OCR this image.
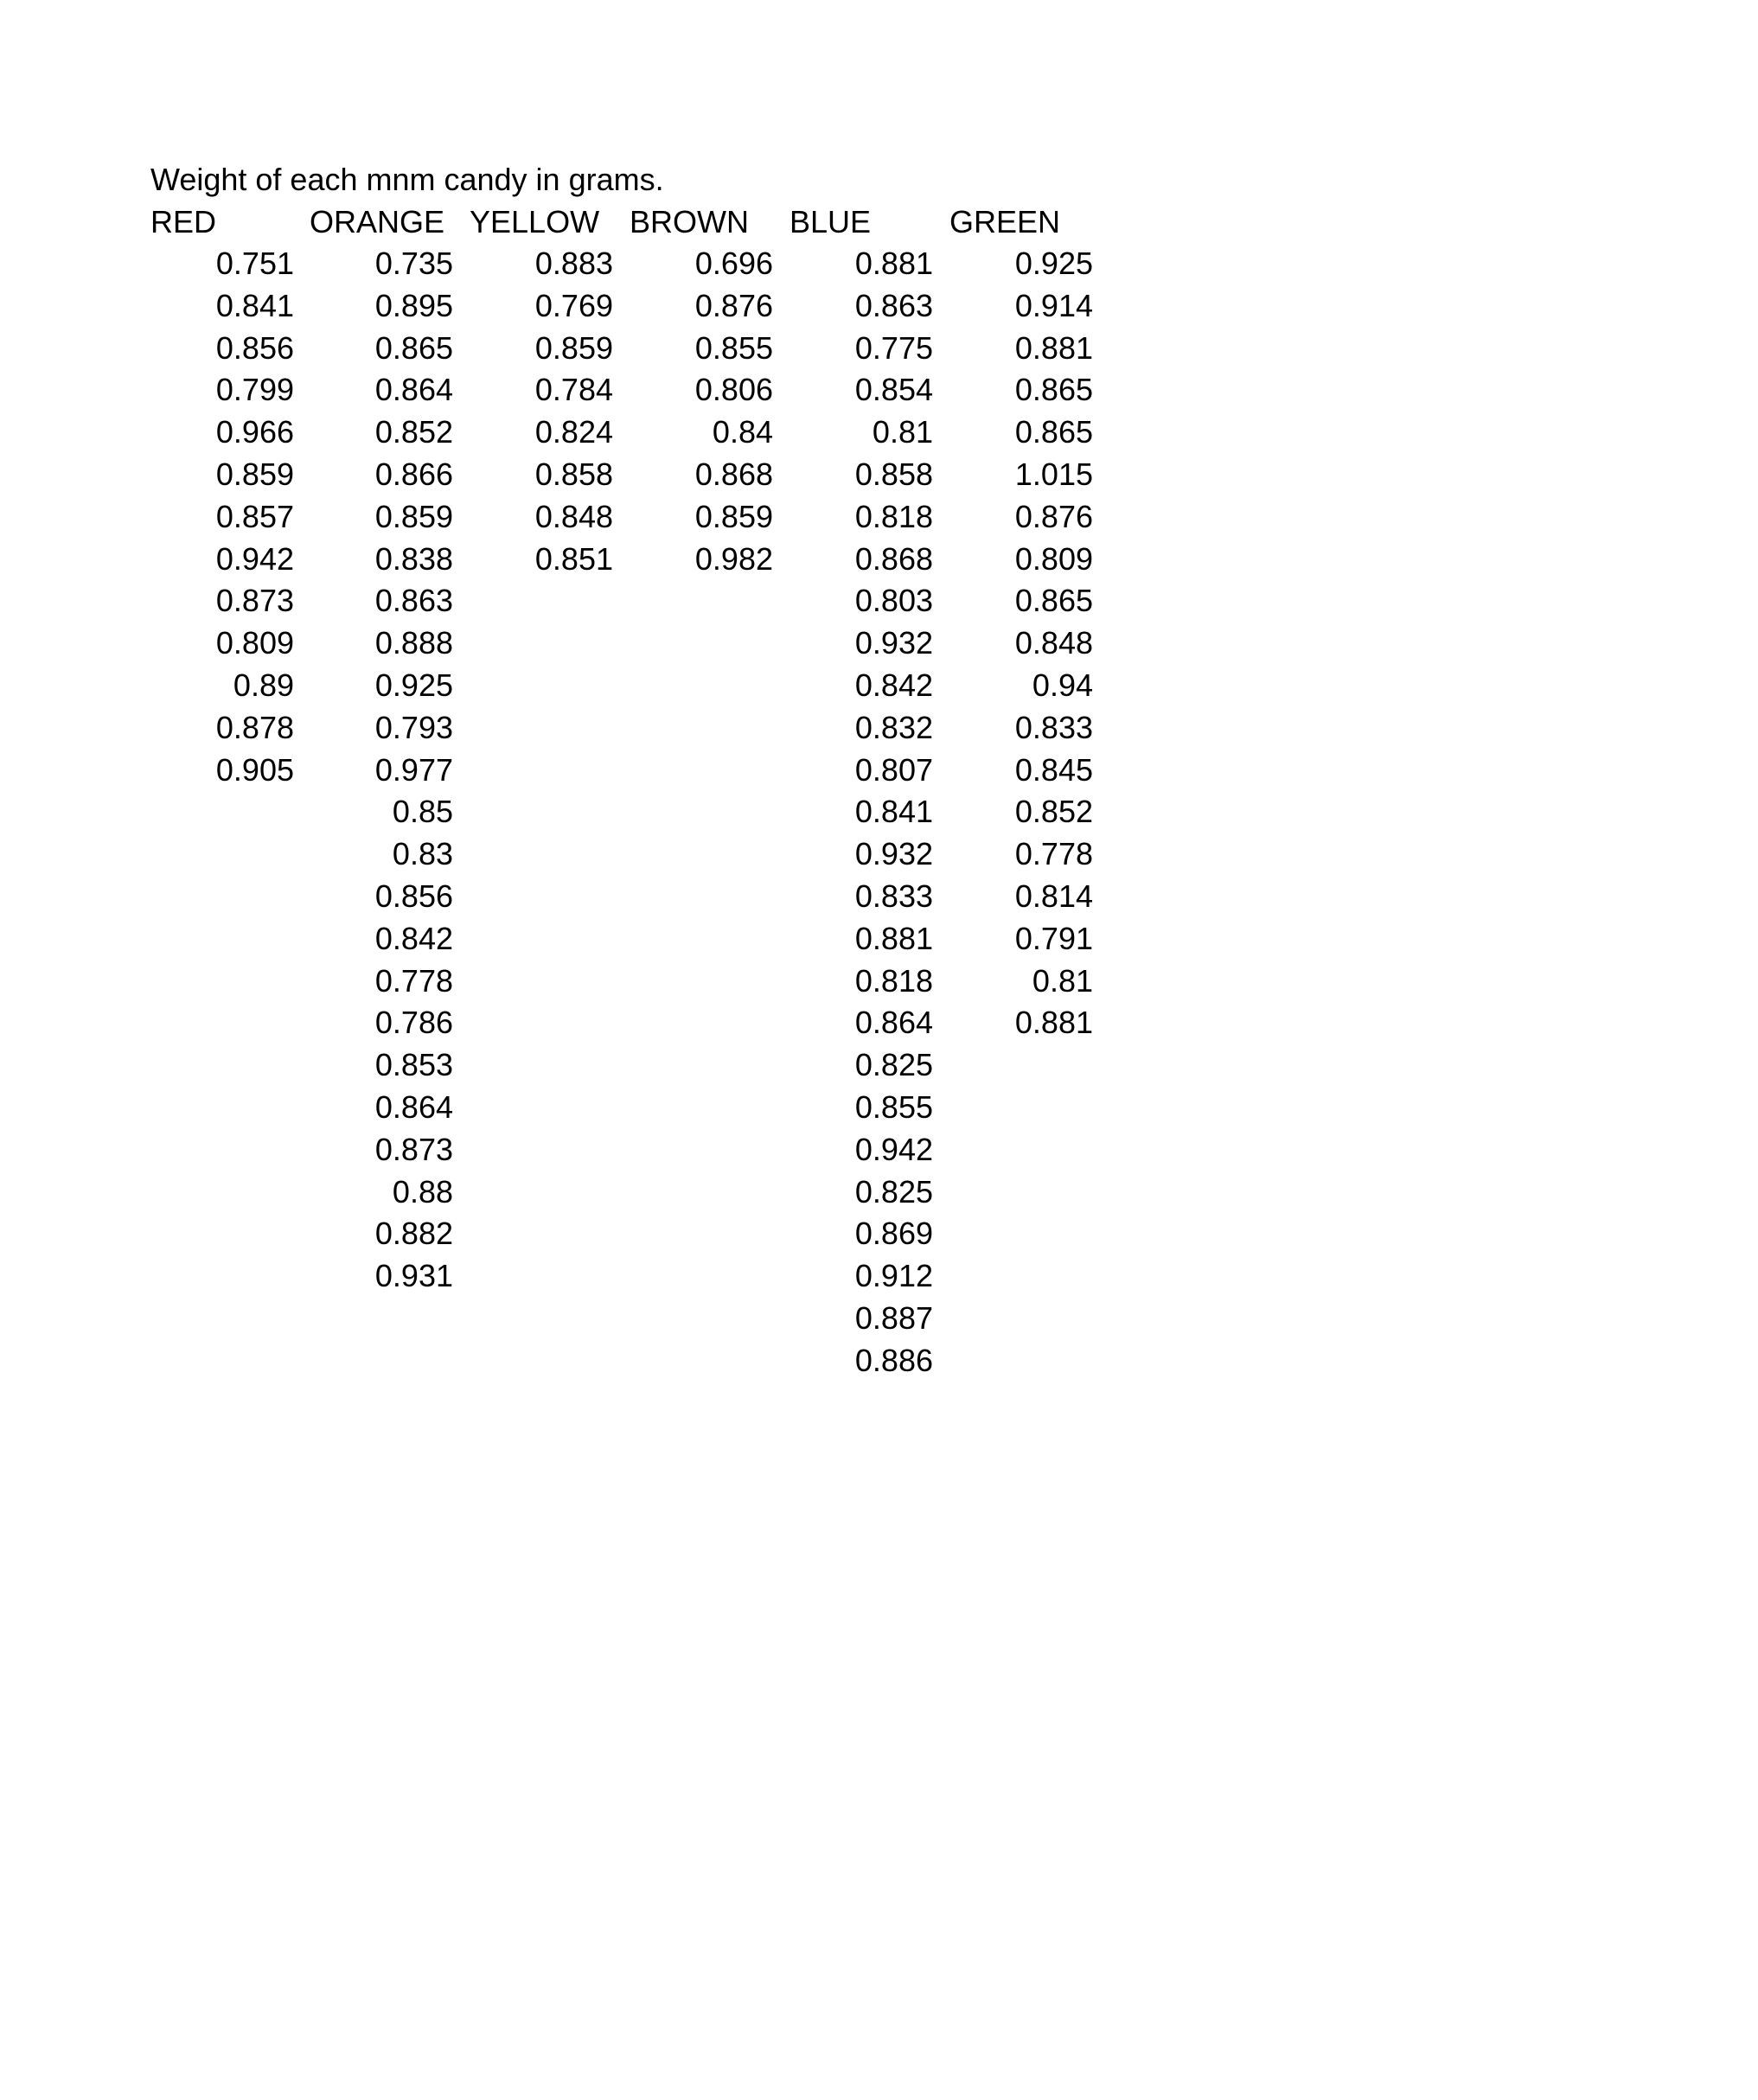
Weight of each mnm candy in grams.
RED	ORANGE YELLOW BROWN BLUE	GREEN
0.751
0.841
0.856
0.799
0.966
0.859
0.857
0.942
0.873
0.809
0.89
0.878
0.905
0.735
0.895
0.865
0.864
0.852
0.866
0.859
0.838
0.863
0.888
0.925
0.793
0.977
0.85
0.83
0.856
0.842
0.778
0.786
0.853
0.864
0.873
0.88
0.882
0.931
0.883
0.769
0.859
0.784
0.824
0.858
0.848
0.851
0.696
0.876
0.855
0.806
0.84
0.868
0.859
0.982
0.881
0.863
0.775
0.854
0.81
0.858
0.818
0.868
0.803
0.932
0.842
0.832
0.807
0.841
0.932
0.833
0.881
0.818
0.864
0.825
0.855
0.942
0.825
0.869
0.912
0.887
0.886
0.925
0.914
0.881
0.865
0.865
1.015
0.876
0.809
0.865
0.848
0.94
0.833
0.845
0.852
0.778
0.814
0.791
0.81
0.881
